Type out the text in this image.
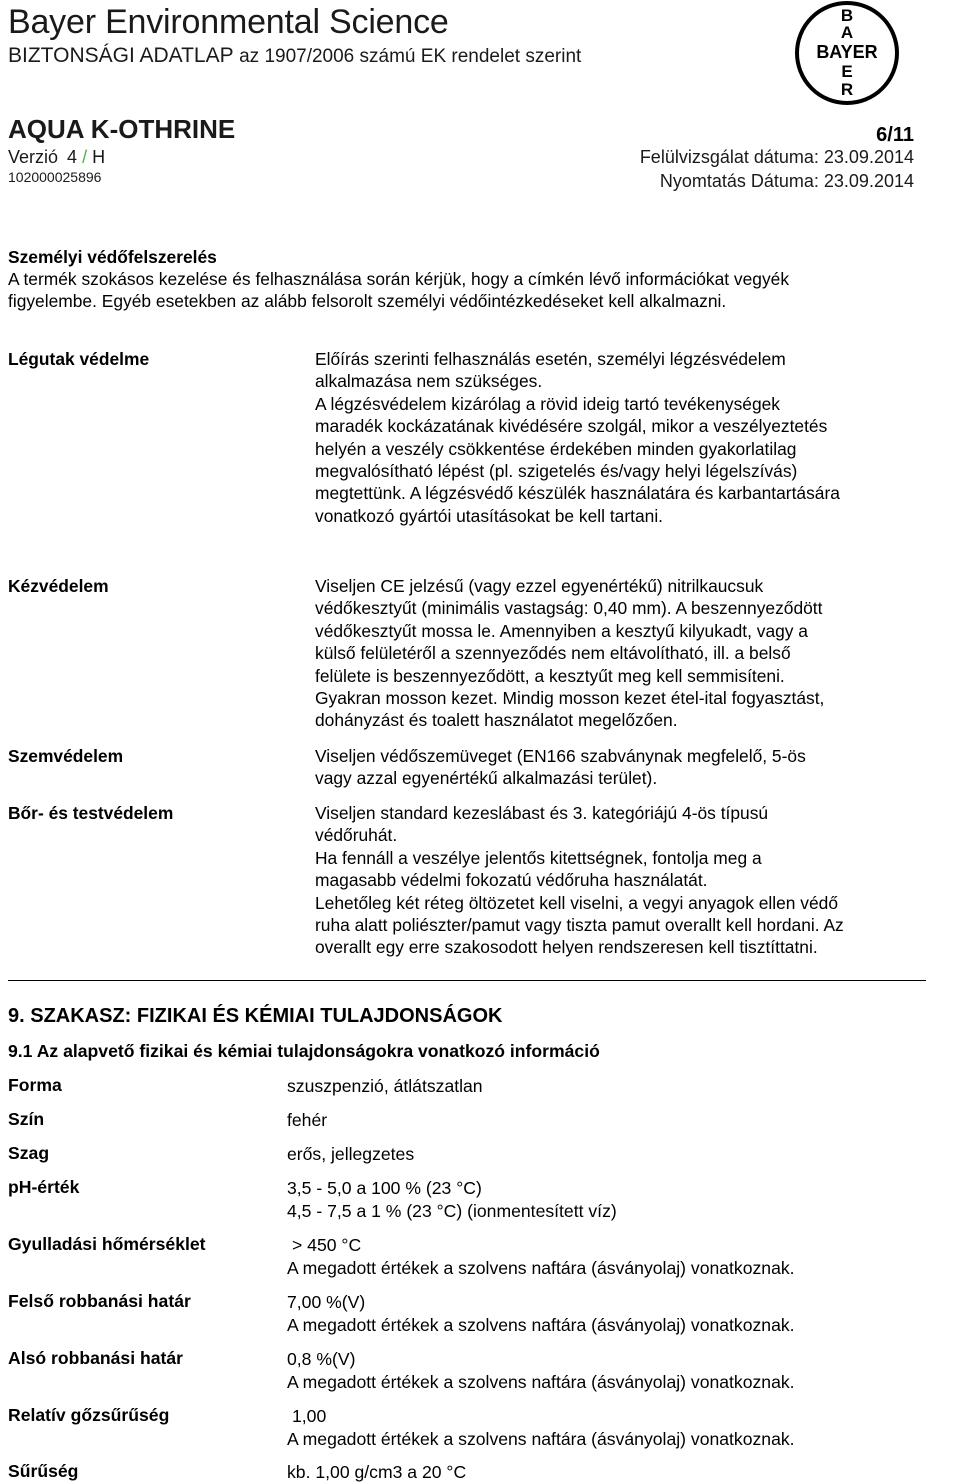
Bayer Environmental Science
BIZTONSÁGI ADATLAP az 1907/2006 számú EK rendelet szerint
B
A
BAYER
E
R
AQUA K-OTHRINE	6/11
Verzió 4 / H	Felülvizsgálat dátuma: 23.09.2014
102000025896	Nyomtatás Dátuma: 23.09.2014
Személyi védőfelszerelés
A termék szokásos kezelése és felhasználása során kérjük, hogy a címkén lévő információkat vegyék
figyelembe. Egyéb esetekben az alább felsorolt személyi védőintézkedéseket kell alkalmazni.
Légutak védelme	Előírás szerinti felhasználás esetén, személyi légzésvédelem
alkalmazása nem szükséges.
A légzésvédelem kizárólag a rövid ideig tartó tevékenységek
maradék kockázatának kivédésére szolgál, mikor a veszélyeztetés
helyén a veszély csökkentése érdekében minden gyakorlatilag
megvalósítható lépést (pl. szigetelés és/vagy helyi légelszívás)
megtettünk. A légzésvédő készülék használatára és karbantartására
vonatkozó gyártói utasításokat be kell tartani.
Kézvédelem	Viseljen CE jelzésű (vagy ezzel egyenértékű) nitrilkaucsuk
védőkesztyűt (minimális vastagság: 0,40 mm). A beszennyeződött
védőkesztyűt mossa le. Amennyiben a kesztyű kilyukadt, vagy a
külső felületéről a szennyeződés nem eltávolítható, ill. a belső
felülete is beszennyeződött, a kesztyűt meg kell semmisíteni.
Gyakran mosson kezet. Mindig mosson kezet étel-ital fogyasztást,
dohányzást és toalett használatot megelőzően.
Szemvédelem	Viseljen védőszemüveget (EN166 szabványnak megfelelő, 5-ös
vagy azzal egyenértékű alkalmazási terület).
Bőr- és testvédelem	Viseljen standard kezeslábast és 3. kategóriájú 4-ös típusú
védőruhát.
Ha fennáll a veszélye jelentős kitettségnek, fontolja meg a
magasabb védelmi fokozatú védőruha használatát.
Lehetőleg két réteg öltözetet kell viselni, a vegyi anyagok ellen védő
ruha alatt poliészter/pamut vagy tiszta pamut overallt kell hordani. Az
overallt egy erre szakosodott helyen rendszeresen kell tisztíttatni.
9. SZAKASZ: FIZIKAI ÉS KÉMIAI TULAJDONSÁGOK
9.1 Az alapvető fizikai és kémiai tulajdonságokra vonatkozó információ
Forma	szuszpenzió, átlátszatlan
Szín	fehér
Szag	erős, jellegzetes
pH-érték	3,5 - 5,0 a 100 % (23 °C)
4,5 - 7,5 a 1 % (23 °C) (ionmentesített víz)
Gyulladási hőmérséklet	> 450 °C
A megadott értékek a szolvens naftára (ásványolaj) vonatkoznak.
Felső robbanási határ	7,00 %(V)
A megadott értékek a szolvens naftára (ásványolaj) vonatkoznak.
Alsó robbanási határ	0,8 %(V)
A megadott értékek a szolvens naftára (ásványolaj) vonatkoznak.
Relatív gőzsűrűség	1,00
A megadott értékek a szolvens naftára (ásványolaj) vonatkoznak.
Sűrűség	kb. 1,00 g/cm3 a 20 °C
